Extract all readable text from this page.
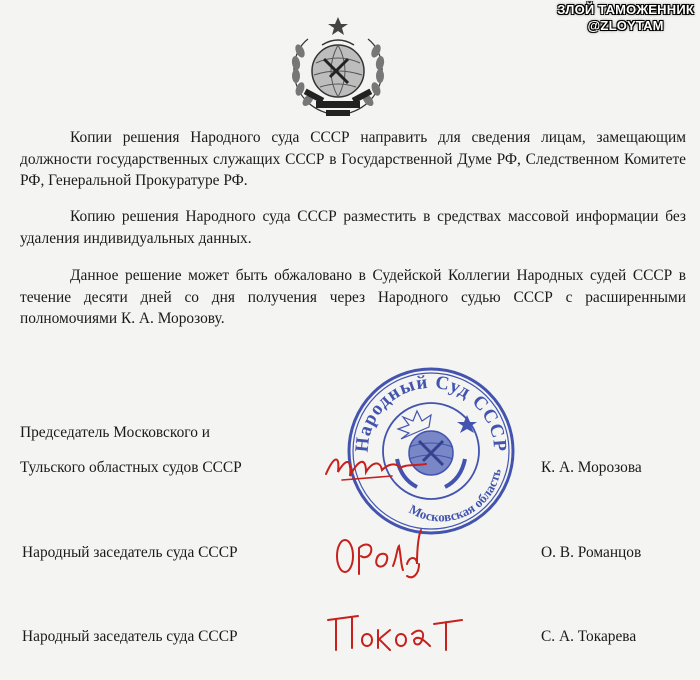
ЗЛОЙ ТАМОЖЕННИК
@ZLOYTAM

Копии решения Народного суда СССР направить для сведения лицам, замещающим должности государственных служащих СССР в Государственной Думе РФ, Следственном Комитете РФ, Генеральной Прокуратуре РФ.

Копию решения Народного суда СССР разместить в средствах массовой информации без удаления индивидуальных данных.

Данное решение может быть обжаловано в Судейской Коллегии Народных судей СССР в течение десяти дней со дня получения через Народного судью СССР с расширенными полномочиями К. А. Морозову.

Председатель Московского и
Тульского областных судов СССР	К. А. Морозова
Народный заседатель суда СССР	О. В. Романцов
Народный заседатель суда СССР	С. А. Токарева
Народный Суд СССР
Московская область
